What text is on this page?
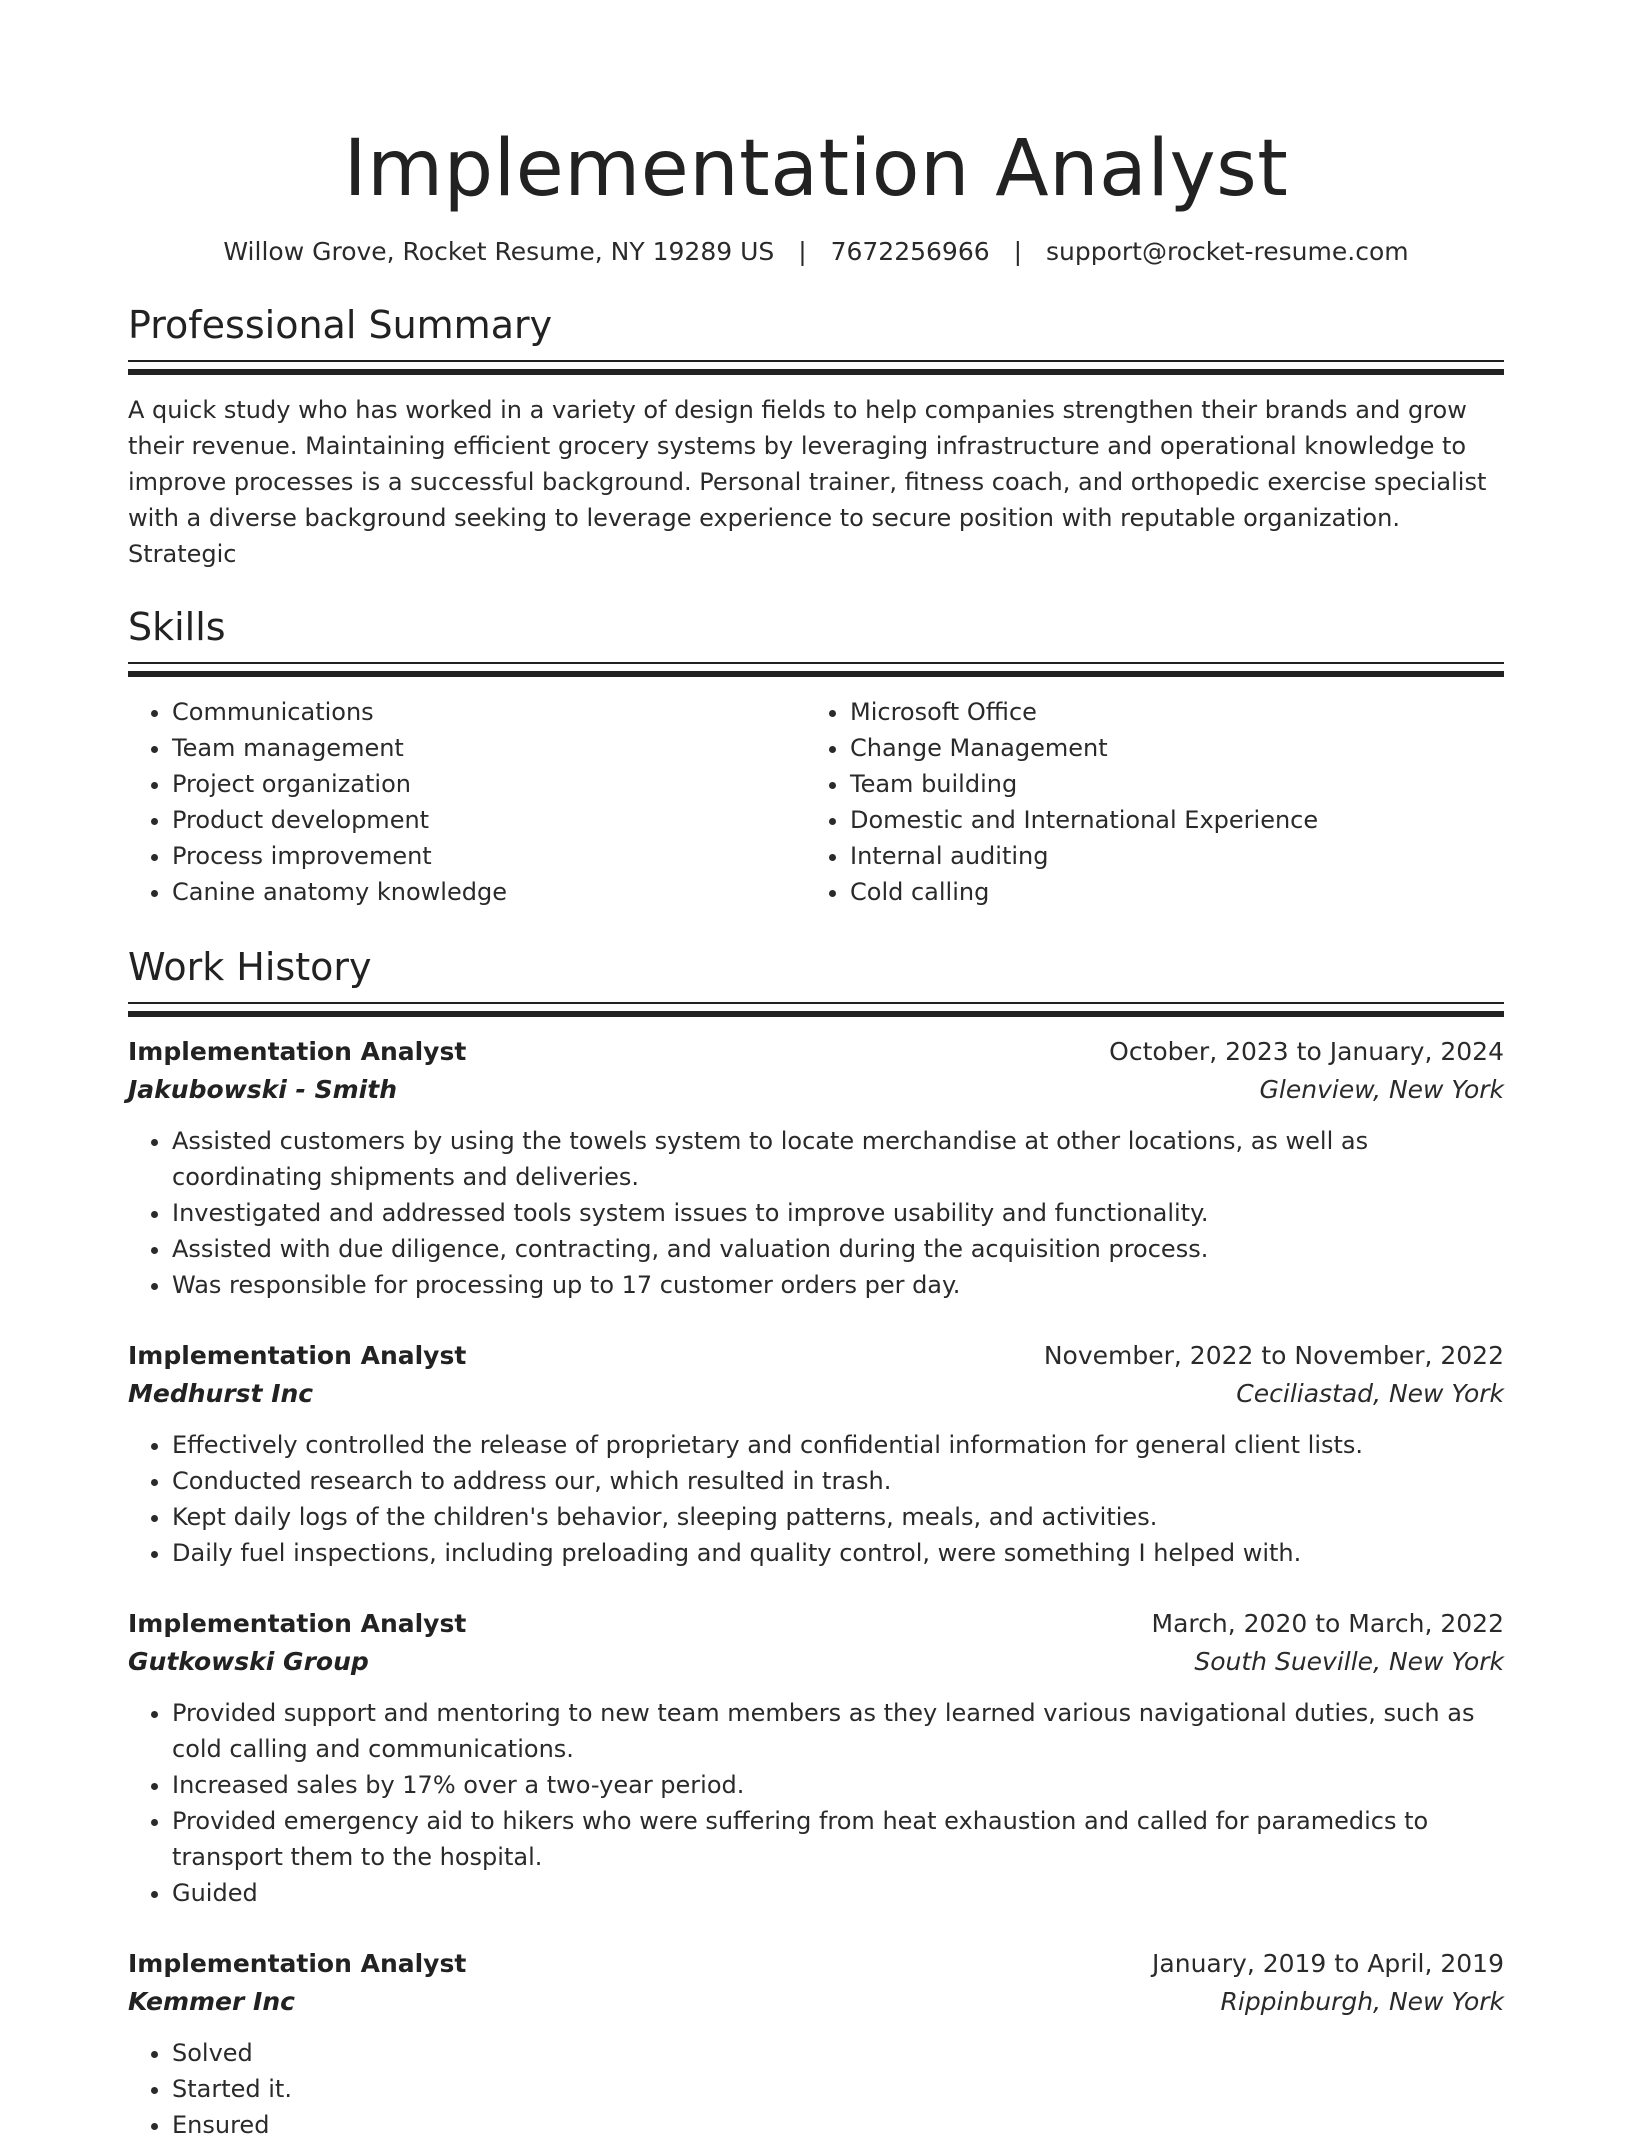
Implementation Analyst
Willow Grove, Rocket Resume, NY 19289 US | 7672256966 | support@rocket-resume.com
Professional Summary

A quick study who has worked in a variety of design fields to help companies strengthen their brands and grow their revenue. Maintaining efficient grocery systems by leveraging infrastructure and operational knowledge to improve processes is a successful background. Personal trainer, fitness coach, and orthopedic exercise specialist with a diverse background seeking to leverage experience to secure position with reputable organization. Strategic

Skills
• Communications
• Team management
• Project organization
• Product development
• Process improvement
• Canine anatomy knowledge
• Microsoft Office
• Change Management
• Team building
• Domestic and International Experience
• Internal auditing
• Cold calling
Work History
Implementation Analyst	October, 2023 to January, 2024
Jakubowski - Smith	Glenview, New York
• Assisted customers by using the towels system to locate merchandise at other locations, as well as coordinating shipments and deliveries.
• Investigated and addressed tools system issues to improve usability and functionality.
• Assisted with due diligence, contracting, and valuation during the acquisition process.
• Was responsible for processing up to 17 customer orders per day.
Implementation Analyst	November, 2022 to November, 2022
Medhurst Inc	Ceciliastad, New York
• Effectively controlled the release of proprietary and confidential information for general client lists.
• Conducted research to address our, which resulted in trash.
• Kept daily logs of the children's behavior, sleeping patterns, meals, and activities.
• Daily fuel inspections, including preloading and quality control, were something I helped with.
Implementation Analyst	March, 2020 to March, 2022
Gutkowski Group	South Sueville, New York
• Provided support and mentoring to new team members as they learned various navigational duties, such as cold calling and communications.
• Increased sales by 17% over a two-year period.
• Provided emergency aid to hikers who were suffering from heat exhaustion and called for paramedics to transport them to the hospital.
• Guided
Implementation Analyst	January, 2019 to April, 2019
Kemmer Inc	Rippinburgh, New York
• Solved
• Started it.
• Ensured
